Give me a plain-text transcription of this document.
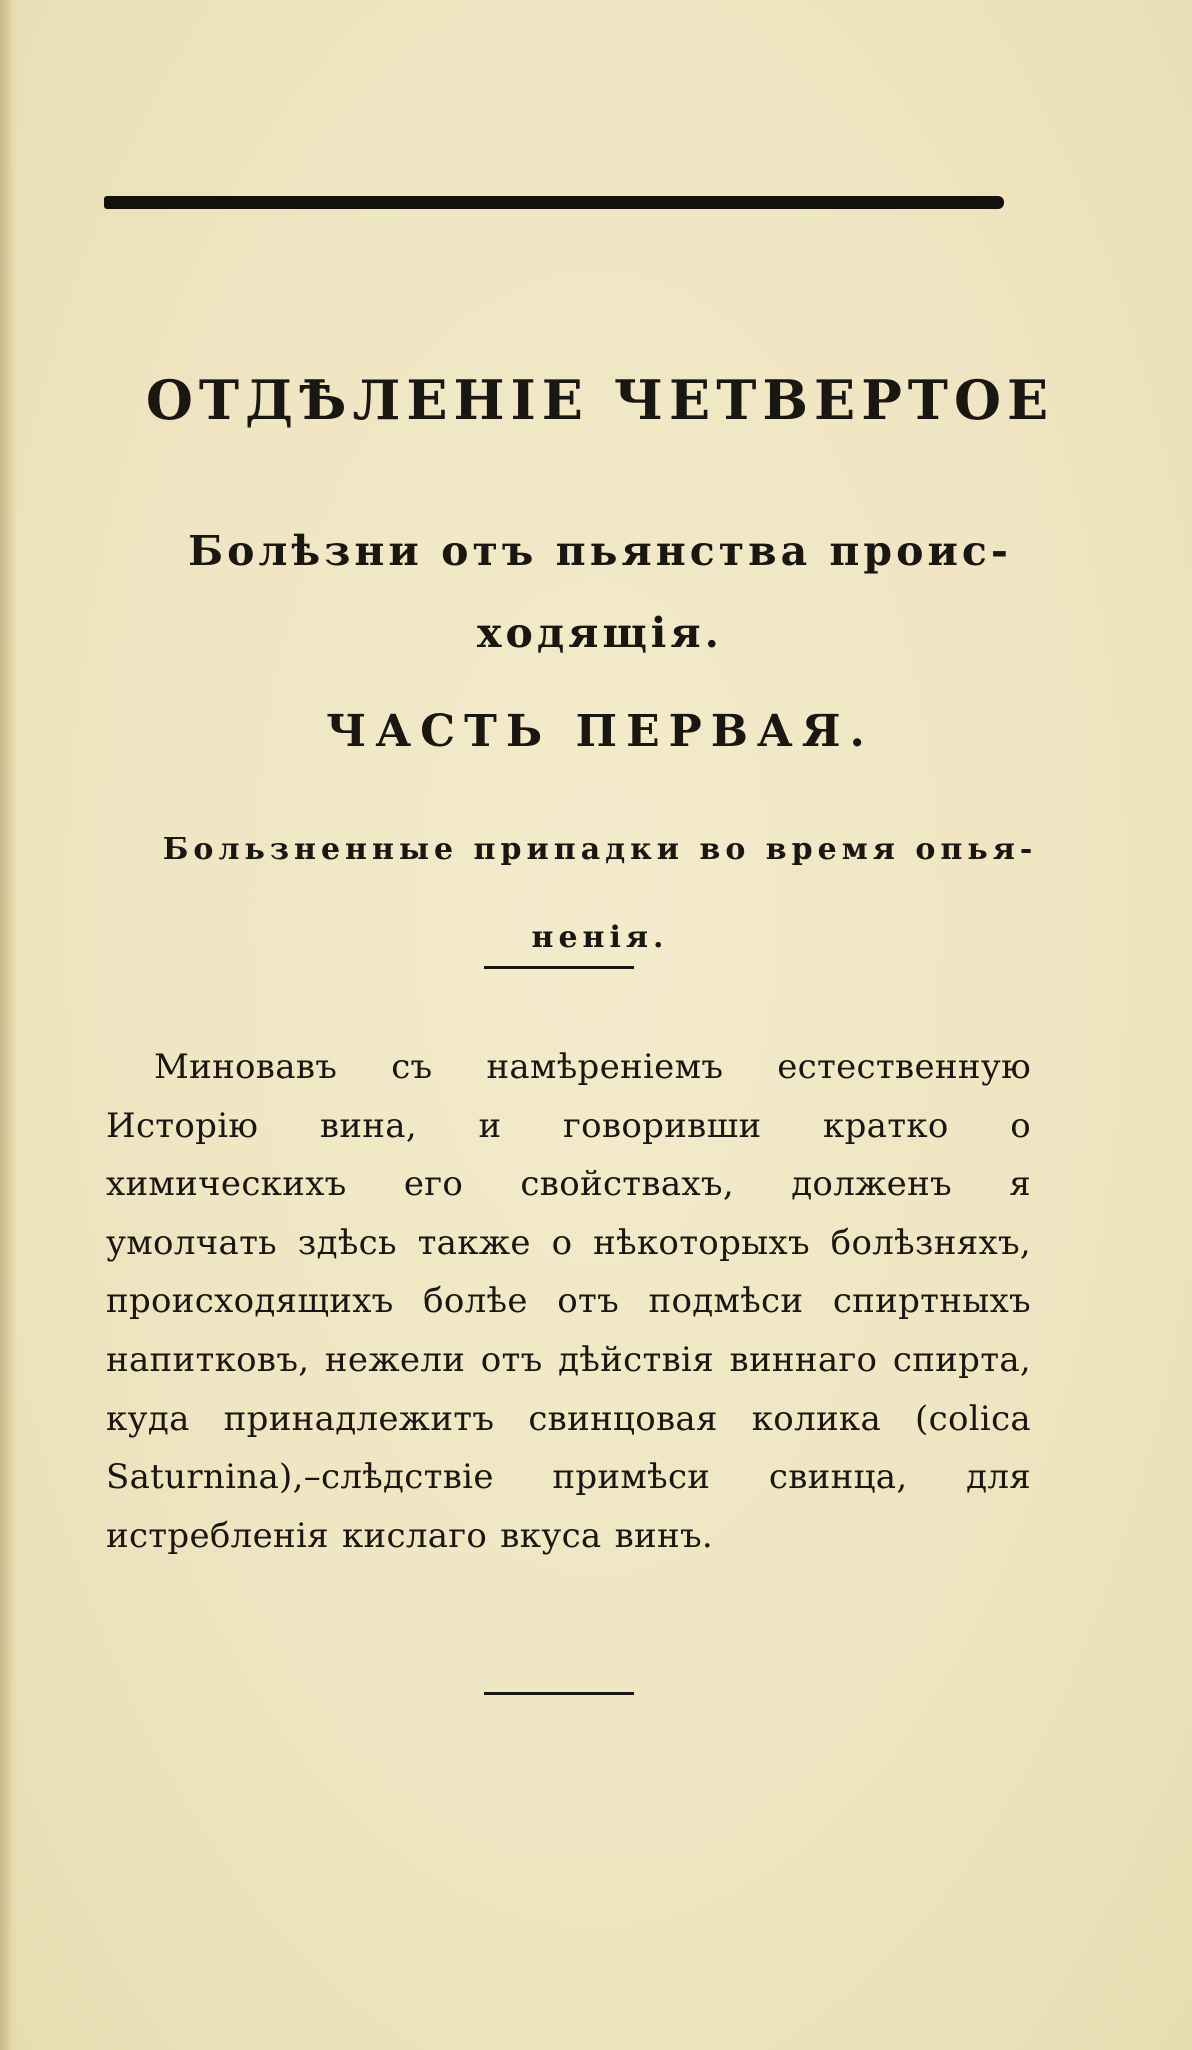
ОТДѢЛЕНІЕ ЧЕТВЕРТОЕ
Болѣзни отъ пьянства проис-ходящія.
ЧАСТЬ ПЕРВАЯ.
Бользненные припадки во время опья-ненія.

Миновавъ съ намѣреніемъ естественную Исторію вина, и говоривши кратко о химическихъ его свойствахъ, долженъ я умолчать здѣсь также о нѣкоторыхъ болѣзняхъ, происходящихъ болѣе отъ подмѣси спиртныхъ напитковъ, нежели отъ дѣйствія виннаго спирта, куда принадлежитъ свинцовая колика (colica Saturnina),–слѣдствіе примѣси свинца, для истребленія кислаго вкуса винъ.
